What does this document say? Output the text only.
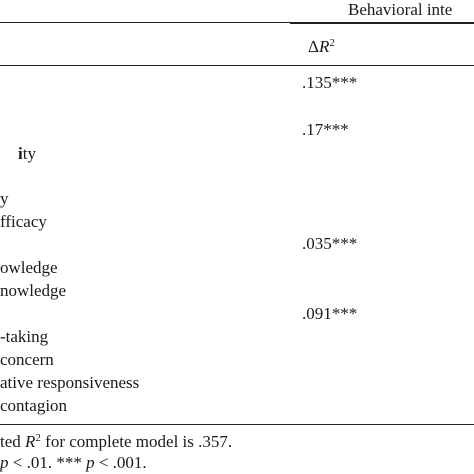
Behavioral inte
$\Delta R^2$
.135***
.17***
.035***
.091***
ity
y
fficacy
owledge
nowledge
-taking
concern
ative responsiveness
contagion
ted $R^2$ for complete model is .357.
p < .01. *** p < .001.
